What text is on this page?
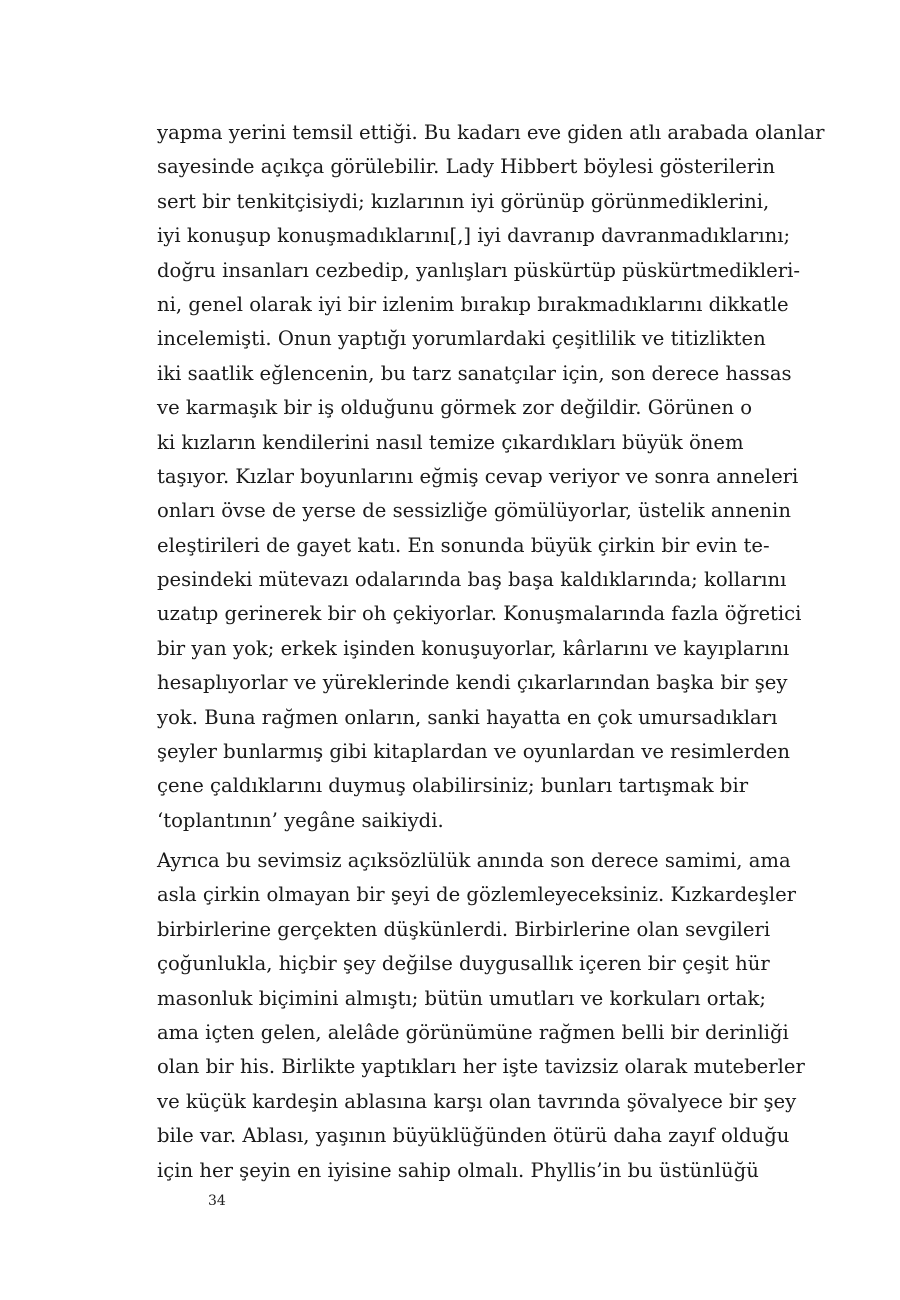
yapma yerini temsil ettiği. Bu kadarı eve giden atlı arabada olanlar
sayesinde açıkça görülebilir. Lady Hibbert böylesi gösterilerin
sert bir tenkitçisiydi; kızlarının iyi görünüp görünmediklerini,
iyi konuşup konuşmadıklarını[,] iyi davranıp davranmadıklarını;
doğru insanları cezbedip, yanlışları püskürtüp püskürtmedikleri-
ni, genel olarak iyi bir izlenim bırakıp bırakmadıklarını dikkatle
incelemişti. Onun yaptığı yorumlardaki çeşitlilik ve titizlikten
iki saatlik eğlencenin, bu tarz sanatçılar için, son derece hassas
ve karmaşık bir iş olduğunu görmek zor değildir. Görünen o
ki kızların kendilerini nasıl temize çıkardıkları büyük önem
taşıyor. Kızlar boyunlarını eğmiş cevap veriyor ve sonra anneleri
onları övse de yerse de sessizliğe gömülüyorlar, üstelik annenin
eleştirileri de gayet katı. En sonunda büyük çirkin bir evin te-
pesindeki mütevazı odalarında baş başa kaldıklarında; kollarını
uzatıp gerinerek bir oh çekiyorlar. Konuşmalarında fazla öğretici
bir yan yok; erkek işinden konuşuyorlar, kârlarını ve kayıplarını
hesaplıyorlar ve yüreklerinde kendi çıkarlarından başka bir şey
yok. Buna rağmen onların, sanki hayatta en çok umursadıkları
şeyler bunlarmış gibi kitaplardan ve oyunlardan ve resimlerden
çene çaldıklarını duymuş olabilirsiniz; bunları tartışmak bir
‘toplantının’ yegâne saikiydi.
Ayrıca bu sevimsiz açıksözlülük anında son derece samimi, ama
asla çirkin olmayan bir şeyi de gözlemleyeceksiniz. Kızkardeşler
birbirlerine gerçekten düşkünlerdi. Birbirlerine olan sevgileri
çoğunlukla, hiçbir şey değilse duygusallık içeren bir çeşit hür
masonluk biçimini almıştı; bütün umutları ve korkuları ortak;
ama içten gelen, alelâde görünümüne rağmen belli bir derinliği
olan bir his. Birlikte yaptıkları her işte tavizsiz olarak muteberler
ve küçük kardeşin ablasına karşı olan tavrında şövalyece bir şey
bile var. Ablası, yaşının büyüklüğünden ötürü daha zayıf olduğu
için her şeyin en iyisine sahip olmalı. Phyllis’in bu üstünlüğü
34
